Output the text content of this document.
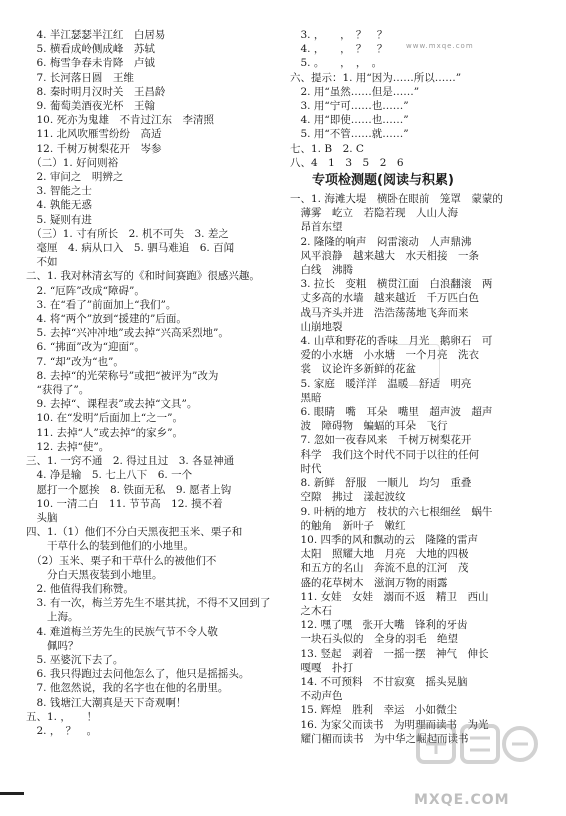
　4. 半江瑟瑟半江红　白居易
　5. 横看成岭侧成峰　苏轼
　6. 梅雪争春未肯降　卢钺
　7. 长河落日圆　王维
　8. 秦时明月汉时关　王昌龄
　9. 葡萄美酒夜光杯　王翰
　10. 死亦为鬼雄　不肯过江东　李清照
　11. 北风吹雁雪纷纷　高适
　12. 千树万树梨花开　岑参
　（二）1. 好问则裕
　2. 审问之　明辨之
　3. 智能之士
　4. 孰能无惑
　5. 疑则有进
　（三）1. 寸有所长　2. 机不可失　3. 差之
　毫厘　4. 病从口入　5. 驷马难追　6. 百闻
　不如
二、1. 我对林清玄写的《和时间赛跑》很感兴趣。
　2. “厄阵”改成“障碍”。
　3. 在“看了”前面加上“我们”。
　4. 将“两个”放到“援建的”后面。
　5. 去掉“兴冲冲地”或去掉“兴高采烈地”。
　6. “拂面”改为“迎面”。
　7. “却”改为“也”。
　8. 去掉“的光荣称号”或把“被评为”改为
　“获得了”。
　9. 去掉“、课程表”或去掉“文具”。
　10. 在“发明”后面加上“之一”。
　11. 去掉“人”或去掉“的家乡”。
　12. 去掉“使”。
三、1. 一窍不通　2. 得过且过　3. 各显神通
　4. 净是输　5. 七上八下　6. 一个
　愿打一个愿挨　8. 铁面无私　9. 愿者上钩
　10. 一清二白　11. 节节高　12. 摸不着
　头脑
四、1.（1）他们不分白天黑夜把玉米、栗子和
　　干草什么的装到他们的小地里。
　（2）玉米、栗子和干草什么的被他们不
　　分白天黑夜装到小地里。
　2. 他值得我们称赞。
　3. 有一次，梅兰芳先生不堪其扰，不得不又回到了
　　上海。
　4. 难道梅兰芳先生的民族气节不令人敬
　　佩吗？
　5. 巫婆沉下去了。
　6. 我只得跑过去问他怎么了，他只是摇摇头。
　7. 他忽然说，我的名字也在他的名册里。
　8. 钱塘江大潮真是天下奇观啊！
五、1. ，　　！
　2. ，　？　。
　3. ，　　，　？　？
　4. ，　　，　？　？
　5. 。　　，　，　。
六、提示：1. 用“因为……所以……”
　2. 用“虽然……但是……”
　3. 用“宁可……也……”
　4. 用“即使……也……”
　5. 用“不管……就……”
七、1. B　2. C
八、4　1　3　5　2　6
专项检测题(阅读与积累)
一、1. 海滩大堤　横卧在眼前　笼罩　蒙蒙的
　薄雾　屹立　若隐若现　人山人海
　昂首东望
　2. 隆隆的响声　闷雷滚动　人声鼎沸
　风平浪静　越来越大　水天相接　一条
　白线　沸腾
　3. 拉长　变粗　横贯江面　白浪翻滚　两
　丈多高的水墙　越来越近　千万匹白色
　战马齐头并进　浩浩荡荡地飞奔而来
　山崩地裂
　4. 山草和野花的香味　月光　鹅卵石　可
　爱的小水塘　小水塘　一个月亮　洗衣
　裳　议论许多新鲜的花盆
　5. 家庭　暖洋洋　温暖　舒适　明亮
　黑暗
　6. 眼睛　嘴　耳朵　嘴里　超声波　超声
　波　障碍物　蝙蝠的耳朵　飞行
　7. 忽如一夜春风来　千树万树梨花开
　科学　我们这个时代不同于以往的任何
　时代
　8. 新鲜　舒服　一顺儿　均匀　重叠
　空隙　拂过　漾起波纹
　9. 叶柄的地方　枝状的六七根细丝　蜗牛
　的触角　新叶子　嫩红
　10. 四季的风和飘动的云　隆隆的雷声
　太阳　照耀大地　月亮　大地的四极
　和五方的名山　奔流不息的江河　茂
　盛的花草树木　滋润万物的雨露
　11. 女娃　女娃　溺而不返　精卫　西山
　之木石
　12. 嘿了嘿　张开大嘴　锋利的牙齿
　一块石头似的　全身的羽毛　绝望
　13. 竖起　剥着　一摇一摆　神气　伸长
　嘎嘎　扑打
　14. 不可预料　不甘寂寞　摇头晃脑
　不动声色
　15. 辉煌　胜利　幸运　小如微尘
　16. 为家父而读书　为明理而读书　为光
　耀门楣而读书　为中华之崛起而读书
www.mxqe.com
MXQE.COM
